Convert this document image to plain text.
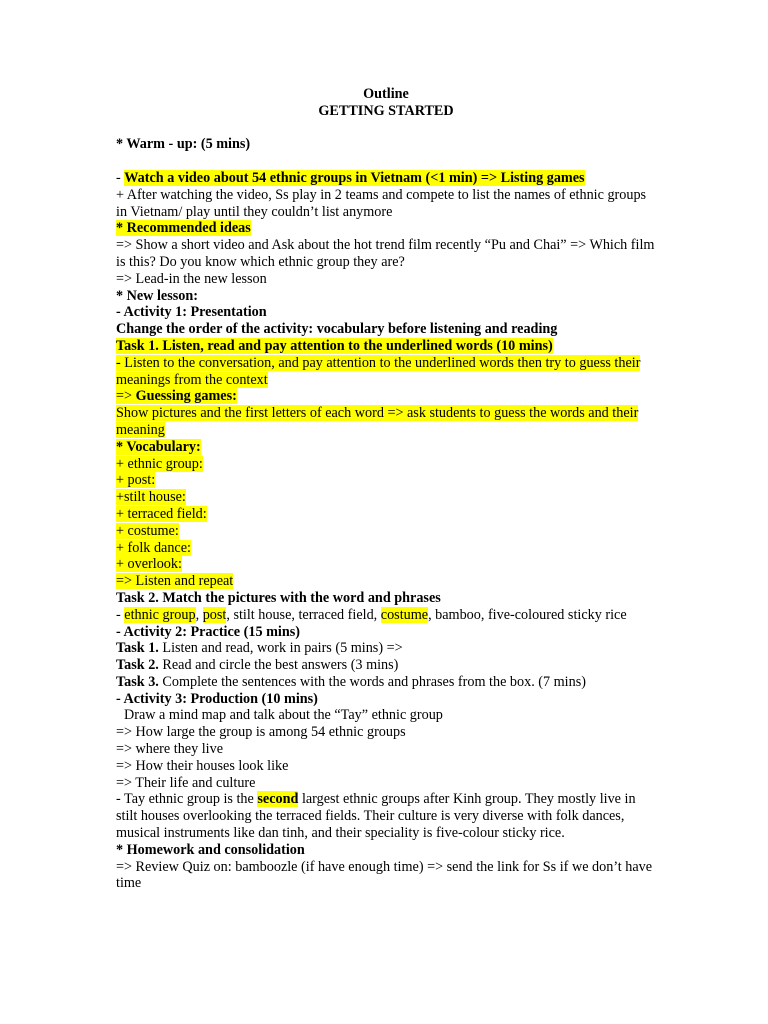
Outline

GETTING STARTED

* Warm - up: (5 mins)

- Watch a video about 54 ethnic groups in Vietnam (<1 min) => Listing games

+ After watching the video, Ss play in 2 teams and compete to list the names of ethnic groups in Vietnam/ play until they couldn’t list anymore

* Recommended ideas

=> Show a short video and Ask about the hot trend film recently “Pu and Chai” => Which film is this? Do you know which ethnic group they are?

=> Lead-in the new lesson

* New lesson:

- Activity 1: Presentation

Change the order of the activity: vocabulary before listening and reading

Task 1. Listen, read and pay attention to the underlined words (10 mins)

- Listen to the conversation, and pay attention to the underlined words then try to guess their meanings from the context

=> Guessing games:

Show pictures and the first letters of each word => ask students to guess the words and their meaning

* Vocabulary:

+ ethnic group:

+ post:

+stilt house:

+ terraced field:

+ costume:

+ folk dance:

+ overlook:

=> Listen and repeat

Task 2. Match the pictures with the word and phrases

- ethnic group, post, stilt house, terraced field, costume, bamboo, five-coloured sticky rice

- Activity 2: Practice (15 mins)

Task 1. Listen and read, work in pairs (5 mins) =>

Task 2. Read and circle the best answers (3 mins)

Task 3. Complete the sentences with the words and phrases from the box. (7 mins)

- Activity 3: Production (10 mins)

Draw a mind map and talk about the “Tay” ethnic group

=> How large the group is among 54 ethnic groups

=> where they live

=> How their houses look like

=> Their life and culture

- Tay ethnic group is the second largest ethnic groups after Kinh group. They mostly live in stilt houses overlooking the terraced fields. Their culture is very diverse with folk dances, musical instruments like dan tinh, and their speciality is five-colour sticky rice.

* Homework and consolidation

=> Review Quiz on: bamboozle (if have enough time) => send the link for Ss if we don’t have time
